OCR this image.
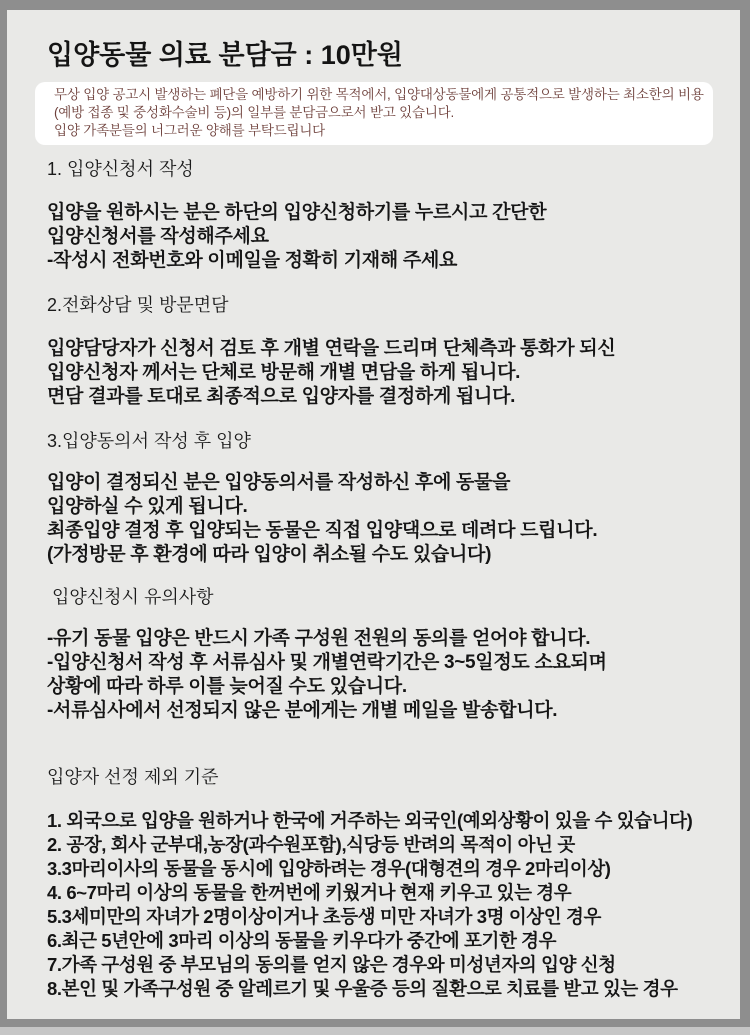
입양동물 의료 분담금 : 10만원
무상 입양 공고시 발생하는 폐단을 예방하기 위한 목적에서, 입양대상동물에게 공통적으로 발생하는 최소한의 비용
(예방 접종 및 중성화수술비 등)의 일부를 분담금으로서 받고 있습니다.
입양 가족분들의 너그러운 양해를 부탁드립니다
1. 입양신청서 작성
입양을 원하시는 분은 하단의 입양신청하기를 누르시고 간단한
입양신청서를 작성해주세요
-작성시 전화번호와 이메일을 정확히 기재해 주세요
2.전화상담 및 방문면담
입양담당자가 신청서 검토 후 개별 연락을 드리며 단체측과 통화가 되신
입양신청자 께서는 단체로 방문해 개별 면담을 하게 됩니다.
면담 결과를 토대로 최종적으로 입양자를 결정하게 됩니다.
3.입양동의서 작성 후 입양
입양이 결정되신 분은 입양동의서를 작성하신 후에 동물을
입양하실 수 있게 됩니다.
최종입양 결정 후 입양되는 동물은 직접 입양댁으로 데려다 드립니다.
(가정방문 후 환경에 따라 입양이 취소될 수도 있습니다)
입양신청시 유의사항
-유기 동물 입양은 반드시 가족 구성원 전원의 동의를 얻어야 합니다.
-입양신청서 작성 후 서류심사 및 개별연락기간은 3~5일정도 소요되며
상황에 따라 하루 이틀 늦어질 수도 있습니다.
-서류심사에서 선정되지 않은 분에게는 개별 메일을 발송합니다.
입양자 선정 제외 기준
1. 외국으로 입양을 원하거나 한국에 거주하는 외국인(예외상황이 있을 수 있습니다)
2. 공장, 회사 군부대,농장(과수원포함),식당등 반려의 목적이 아닌 곳
3.3마리이사의 동물을 동시에 입양하려는 경우(대형견의 경우 2마리이상)
4. 6~7마리 이상의 동물을 한꺼번에 키웠거나 현재 키우고 있는 경우
5.3세미만의 자녀가 2명이상이거나 초등생 미만 자녀가 3명 이상인 경우
6.최근 5년안에 3마리 이상의 동물을 키우다가 중간에 포기한 경우
7.가족 구성원 중 부모님의 동의를 얻지 않은 경우와 미성년자의 입양 신청
8.본인 및 가족구성원 중 알레르기 및 우울증 등의 질환으로 치료를 받고 있는 경우
